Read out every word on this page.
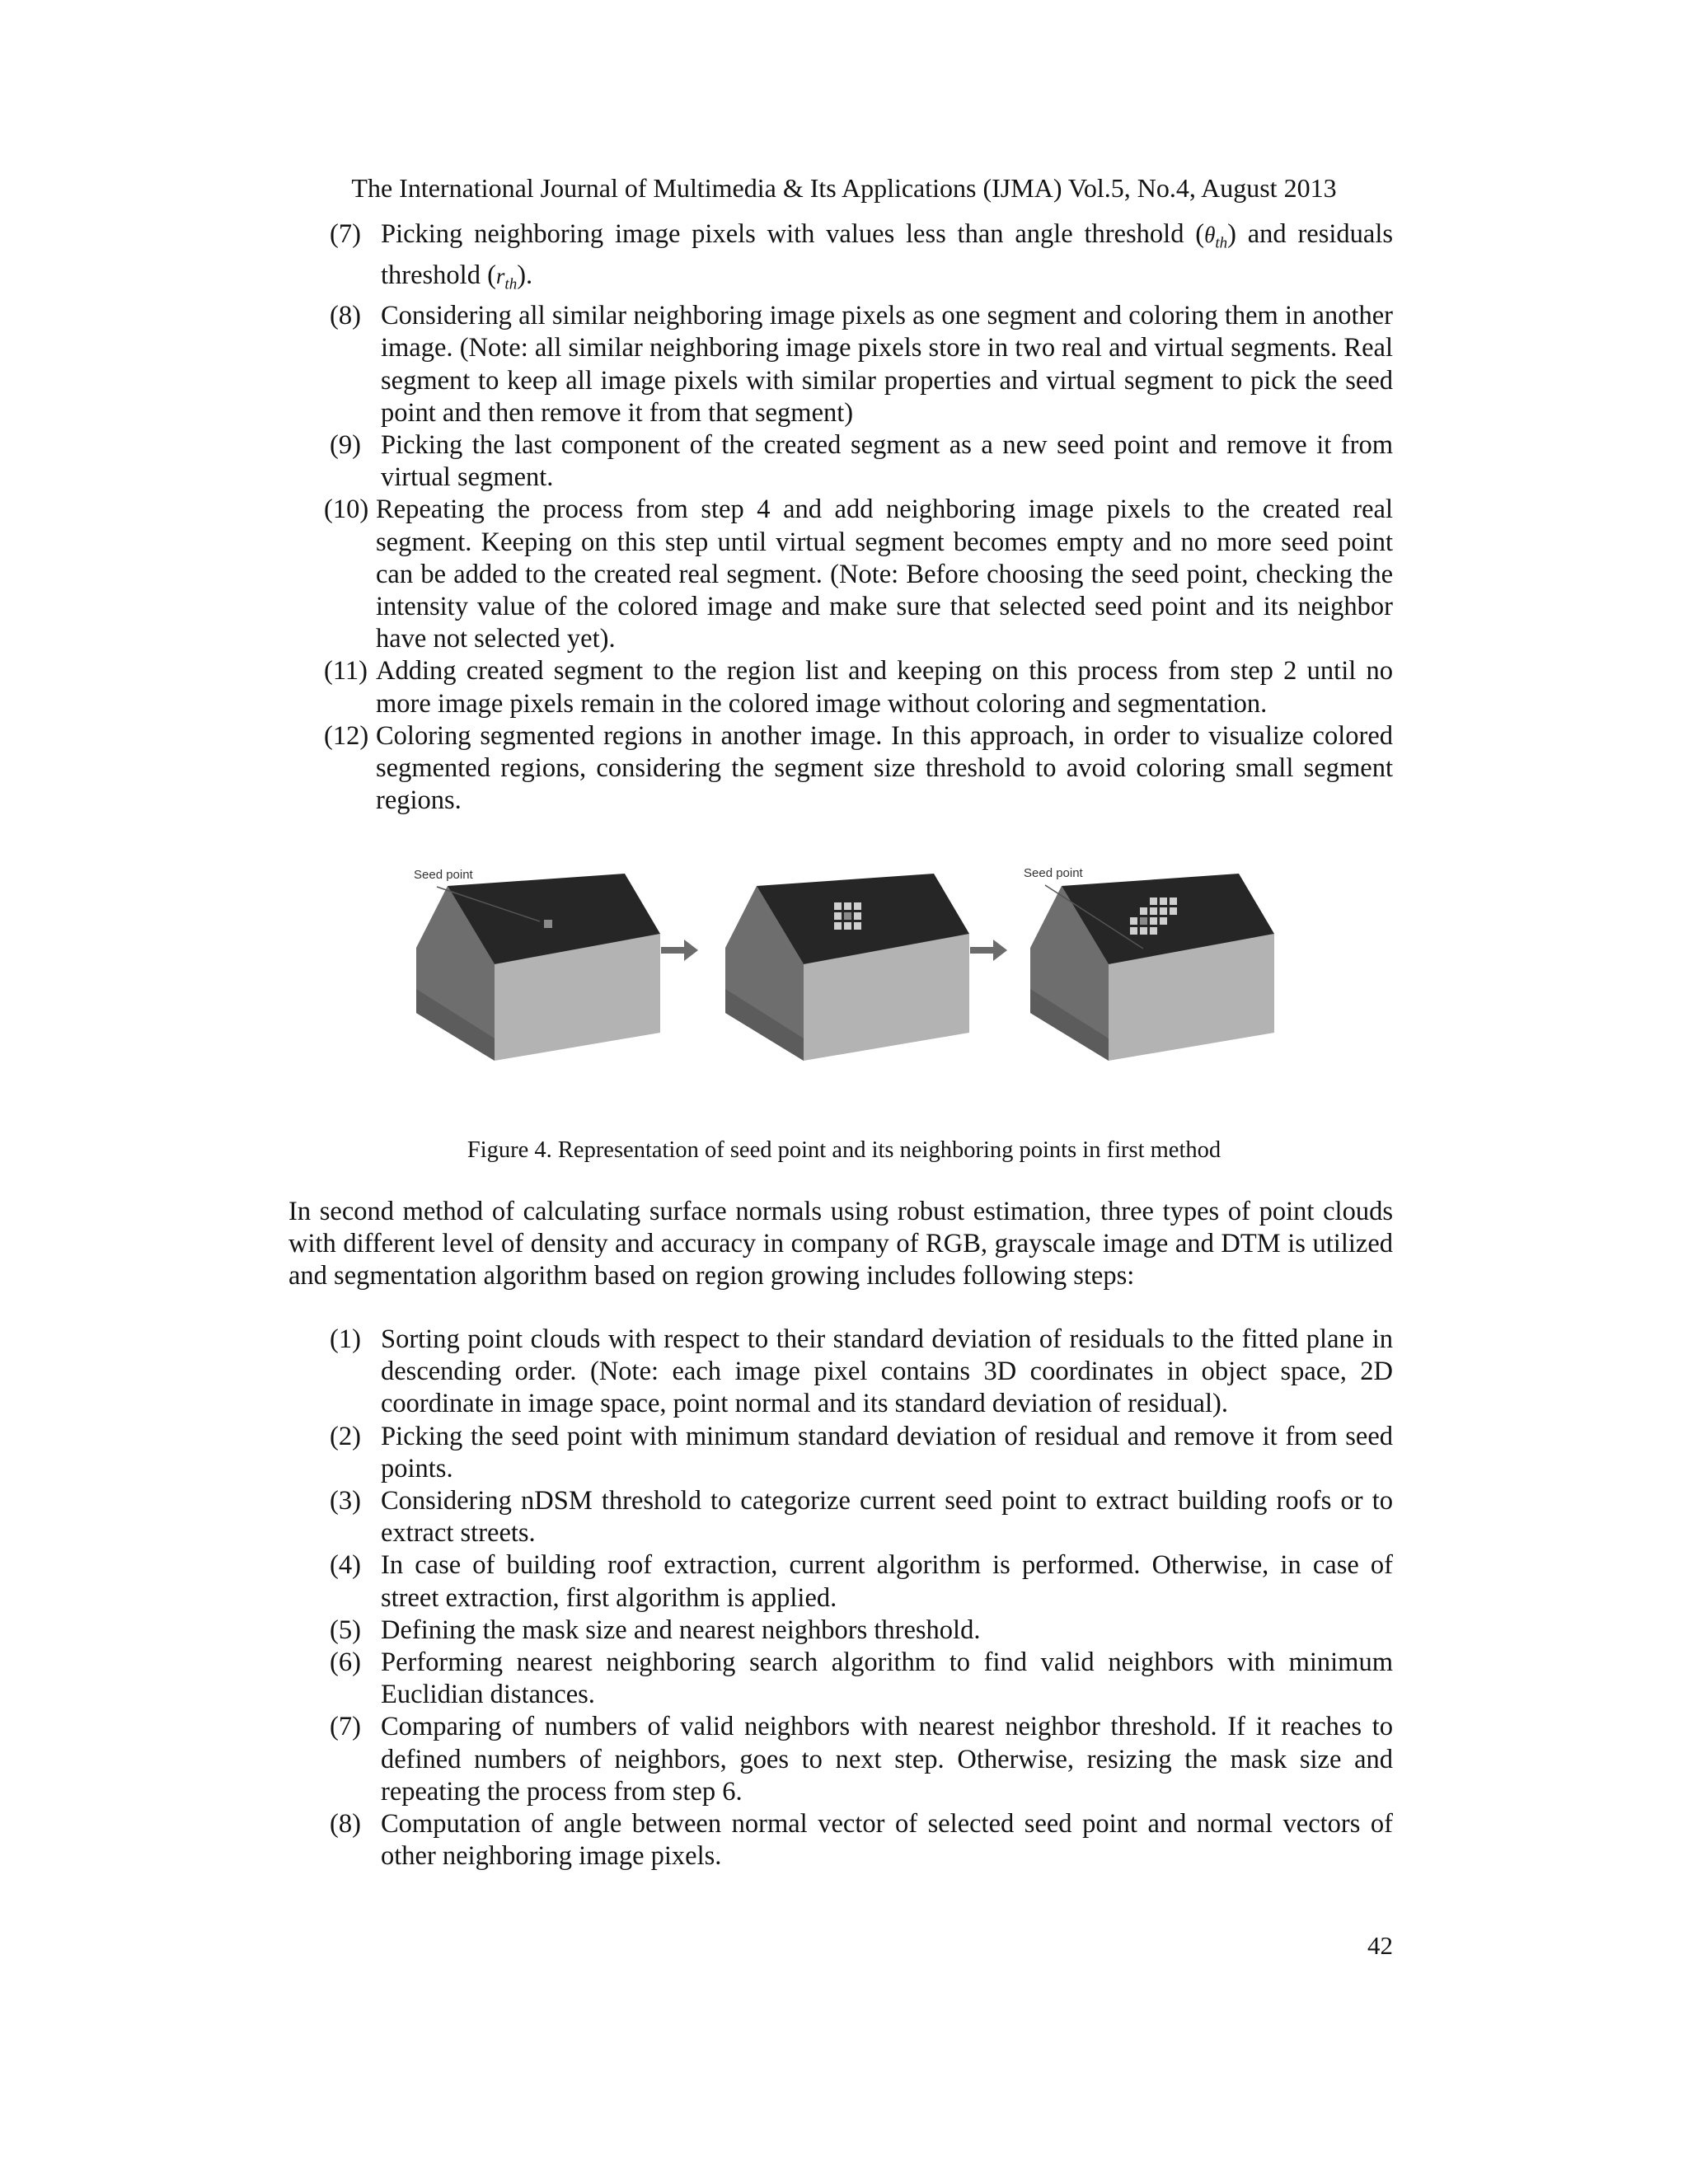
The International Journal of Multimedia & Its Applications (IJMA) Vol.5, No.4, August 2013
(7) Picking neighboring image pixels with values less than angle threshold $(\theta_{th})$ and residuals threshold $(r_{th})$.
(8) Considering all similar neighboring image pixels as one segment and coloring them in another image. (Note: all similar neighboring image pixels store in two real and virtual segments. Real segment to keep all image pixels with similar properties and virtual segment to pick the seed point and then remove it from that segment)
(9) Picking the last component of the created segment as a new seed point and remove it from virtual segment.
(10) Repeating the process from step 4 and add neighboring image pixels to the created real segment. Keeping on this step until virtual segment becomes empty and no more seed point can be added to the created real segment. (Note: Before choosing the seed point, checking the intensity value of the colored image and make sure that selected seed point and its neighbor have not selected yet).
(11) Adding created segment to the region list and keeping on this process from step 2 until no more image pixels remain in the colored image without coloring and segmentation.
(12) Coloring segmented regions in another image. In this approach, in order to visualize colored segmented regions, considering the segment size threshold to avoid coloring small segment regions.
Seed point	Seed point
Figure 4. Representation of seed point and its neighboring points in first method

In second method of calculating surface normals using robust estimation, three types of point clouds with different level of density and accuracy in company of RGB, grayscale image and DTM is utilized and segmentation algorithm based on region growing includes following steps:

(1) Sorting point clouds with respect to their standard deviation of residuals to the fitted plane in descending order. (Note: each image pixel contains 3D coordinates in object space, 2D coordinate in image space, point normal and its standard deviation of residual).
(2) Picking the seed point with minimum standard deviation of residual and remove it from seed points.
(3) Considering nDSM threshold to categorize current seed point to extract building roofs or to extract streets.
(4) In case of building roof extraction, current algorithm is performed. Otherwise, in case of street extraction, first algorithm is applied.
(5) Defining the mask size and nearest neighbors threshold.
(6) Performing nearest neighboring search algorithm to find valid neighbors with minimum Euclidian distances.
(7) Comparing of numbers of valid neighbors with nearest neighbor threshold. If it reaches to defined numbers of neighbors, goes to next step. Otherwise, resizing the mask size and repeating the process from step 6.
(8) Computation of angle between normal vector of selected seed point and normal vectors of other neighboring image pixels.
42
